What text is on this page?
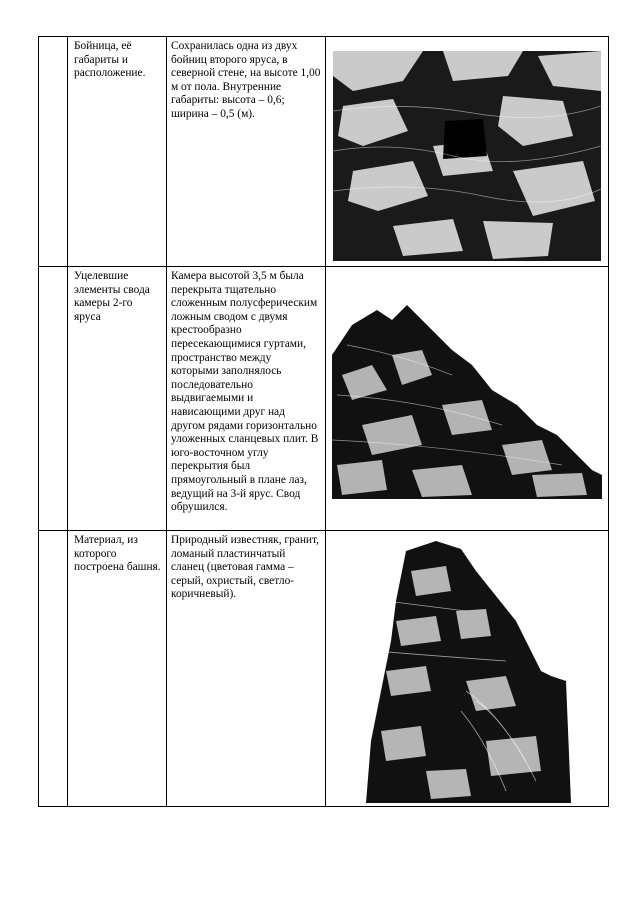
	Бойница, её габариты и расположение.	Сохранилась одна из двух бойниц второго яруса, в северной стене, на высоте 1,00 м от пола. Внутренние габариты: высота – 0,6; ширина – 0,5 (м).

	Уцелевшие элементы свода камеры 2-го яруса	Камера высотой 3,5 м была перекрыта тщательно сложенным полусферическим ложным сводом с двумя крестообразно пересекающимися гуртами, пространство между которыми заполнялось последовательно выдвигаемыми и нависающими друг над другом рядами горизонтально уложенных сланцевых плит. В юго-восточном углу перекрытия был прямоугольный в плане лаз, ведущий на 3-й ярус. Свод обрушился.

	Материал, из которого построена башня.	Природный известняк, гранит, ломаный пластинчатый сланец (цветовая гамма – серый, охристый, светло-коричневый).
